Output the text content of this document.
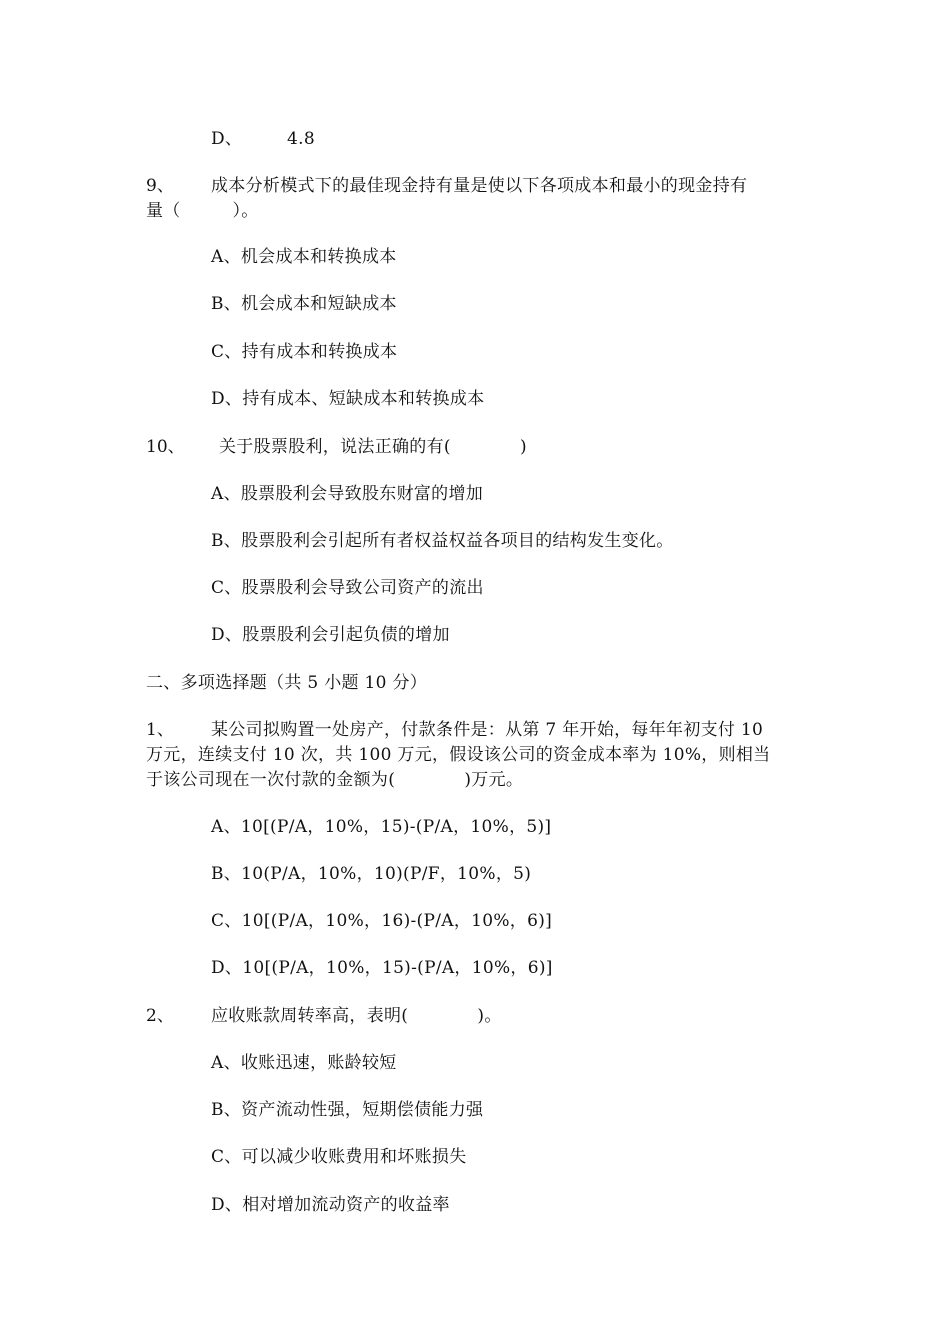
D、	4.8
9、 成本分析模式下的最佳现金持有量是使以下各项成本和最小的现金持有
量（　　　）。
A、机会成本和转换成本
B、机会成本和短缺成本
C、持有成本和转换成本
D、持有成本、短缺成本和转换成本
10、 关于股票股利，说法正确的有(　　　　)
A、股票股利会导致股东财富的增加
B、股票股利会引起所有者权益权益各项目的结构发生变化。
C、股票股利会导致公司资产的流出
D、股票股利会引起负债的增加
二、多项选择题（共 5 小题 10 分）
1、 某公司拟购置一处房产，付款条件是：从第 7 年开始，每年年初支付 10
万元，连续支付 10 次，共 100 万元，假设该公司的资金成本率为 10%，则相当
于该公司现在一次付款的金额为(　　　　)万元。
A、10[(P/A，10%，15)-(P/A，10%，5)]
B、10(P/A，10%，10)(P/F，10%，5)
C、10[(P/A，10%，16)-(P/A，10%，6)]
D、10[(P/A，10%，15)-(P/A，10%，6)]
2、 应收账款周转率高，表明(　　　　)。
A、收账迅速，账龄较短
B、资产流动性强，短期偿债能力强
C、可以减少收账费用和坏账损失
D、相对增加流动资产的收益率
